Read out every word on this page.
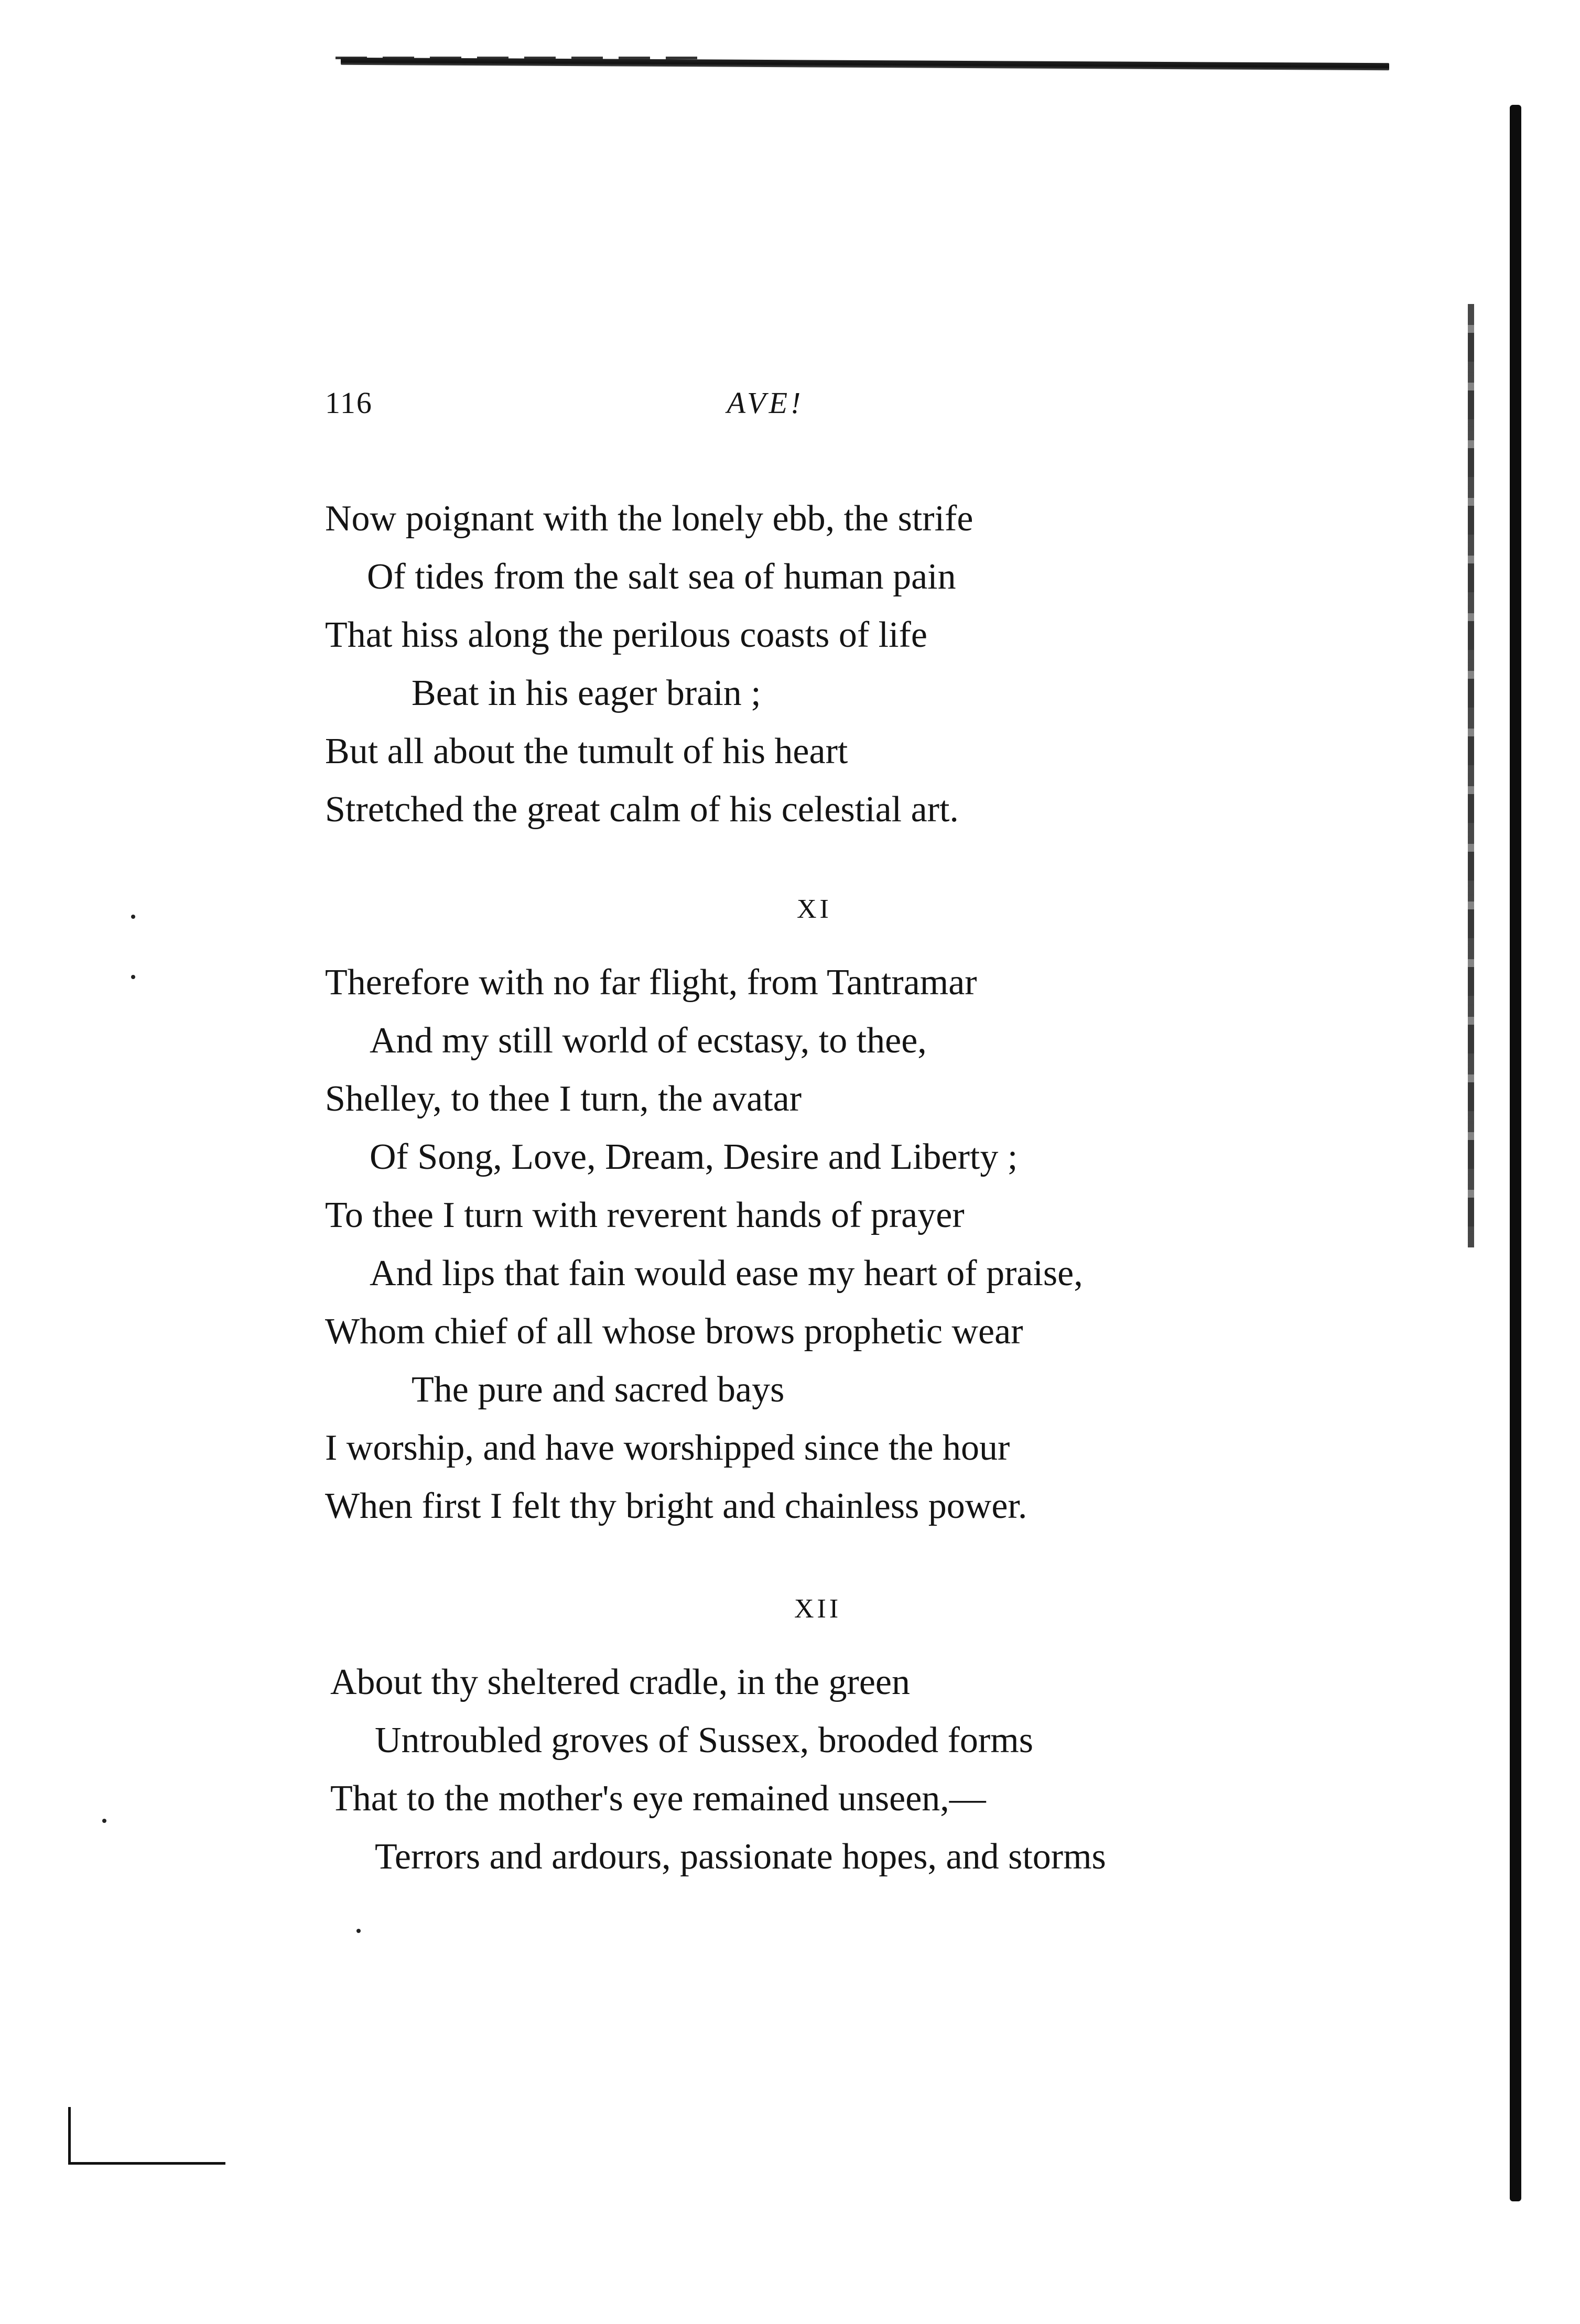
116	AVE!
Now poignant with the lonely ebb, the strife
Of tides from the salt sea of human pain
That hiss along the perilous coasts of life
Beat in his eager brain ;
But all about the tumult of his heart
Stretched the great calm of his celestial art.
XI
Therefore with no far flight, from Tantramar
And my still world of ecstasy, to thee,
Shelley, to thee I turn, the avatar
Of Song, Love, Dream, Desire and Liberty ;
To thee I turn with reverent hands of prayer
And lips that fain would ease my heart of praise,
Whom chief of all whose brows prophetic wear
The pure and sacred bays
I worship, and have worshipped since the hour
When first I felt thy bright and chainless power.
XII
About thy sheltered cradle, in the green
Untroubled groves of Sussex, brooded forms
That to the mother's eye remained unseen,—
Terrors and ardours, passionate hopes, and storms
